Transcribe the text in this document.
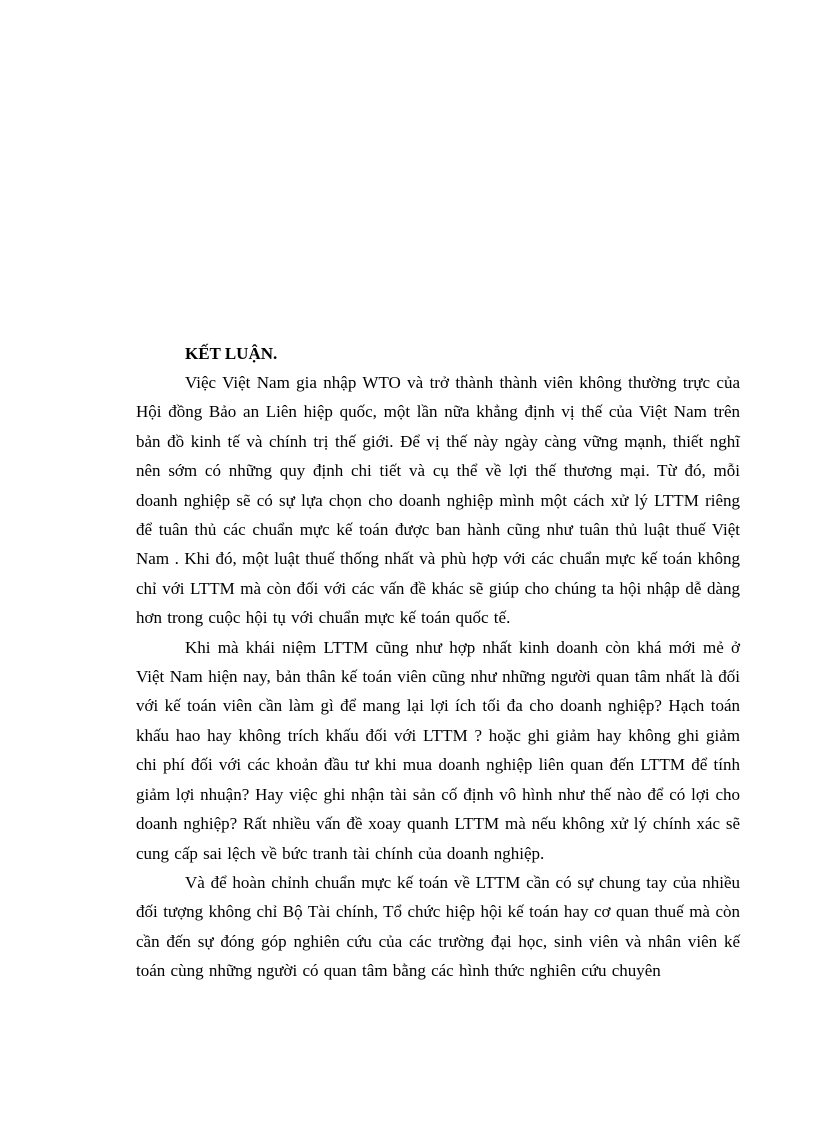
KẾT LUẬN.

Việc Việt Nam gia nhập WTO và trở thành thành viên không thường trực của Hội đồng Bảo an Liên hiệp quốc, một lần nữa khẳng định vị thế của Việt Nam trên bản đồ kinh tế và chính trị thế giới. Để vị thế này ngày càng vững mạnh, thiết nghĩ nên sớm có những quy định chi tiết và cụ thể về lợi thế thương mại. Từ đó, mỗi doanh nghiệp sẽ có sự lựa chọn cho doanh nghiệp mình một cách xử lý LTTM riêng để tuân thủ các chuẩn mực kế toán được ban hành cũng như tuân thủ luật thuế Việt Nam . Khi đó, một luật thuế thống nhất và phù hợp với các chuẩn mực kế toán không chỉ với LTTM mà còn đối với các vấn đề khác sẽ giúp cho chúng ta hội nhập dễ dàng hơn trong cuộc hội tụ với chuẩn mực kế toán quốc tế.

Khi mà khái niệm LTTM cũng như hợp nhất kinh doanh còn khá mới mẻ ở Việt Nam hiện nay, bản thân kế toán viên cũng như những người quan tâm nhất là đối với kế toán viên cần làm gì để mang lại lợi ích tối đa cho doanh nghiệp? Hạch toán khấu hao hay không trích khấu đối với LTTM ? hoặc ghi giảm hay không ghi giảm chi phí đối với các khoản đầu tư khi mua doanh nghiệp liên quan đến LTTM để tính giảm lợi nhuận? Hay việc ghi nhận tài sản cố định vô hình như thế nào để có lợi cho doanh nghiệp? Rất nhiều vấn đề xoay quanh LTTM mà nếu không xử lý chính xác sẽ cung cấp sai lệch về bức tranh tài chính của doanh nghiệp.

Và để hoàn chỉnh chuẩn mực kế toán về LTTM cần có sự chung tay của nhiều đối tượng không chỉ Bộ Tài chính, Tổ chức hiệp hội kế toán hay cơ quan thuế mà còn cần đến sự đóng góp nghiên cứu của các trường đại học, sinh viên và nhân viên kế toán cùng những người có quan tâm bằng các hình thức nghiên cứu chuyên
